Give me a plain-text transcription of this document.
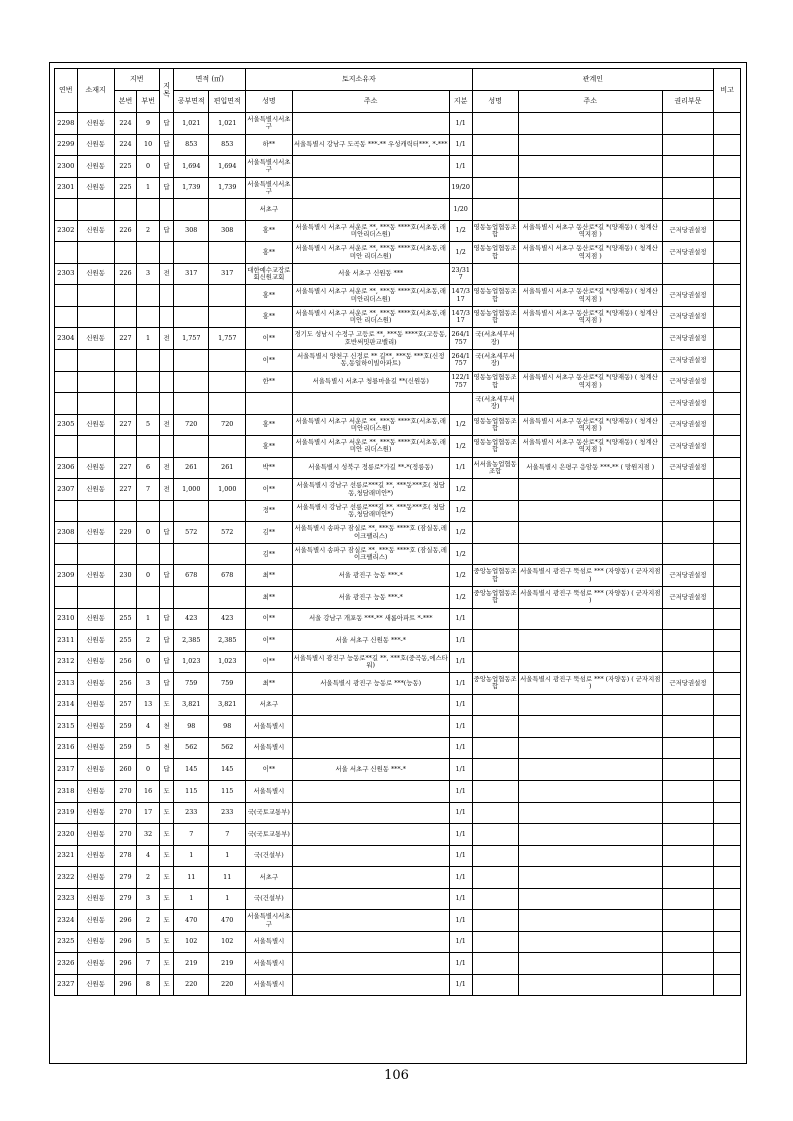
연번	소재지	지번		지목	면적 (㎡)		토지소유자			관계인			비고
		본번	부번		공부면적	편입면적	성명	주소	지분	성명	주소	권리부문	
2298	신원동	224	9	답	1,021	1,021	서울특별시서초구		1/1				
2299	신원동	224	10	답	853	853	하**	서울특별시 강남구 도곡동 ***-** 우성캐릭터***, *-***	1/1				
2300	신원동	225	0	답	1,694	1,694	서울특별시서초구		1/1				
2301	신원동	225	1	답	1,739	1,739	서울특별시서초구		19/20				
							서초구		1/20				
2302	신원동	226	2	답	308	308	홍**	서울특별시 서초구 서운로 **, ***동 ****호(서초동,래미안리더스원)	1/2	영동농업협동조합	서울특별시 서초구 동산로*길 *(양재동) ( 청계산역지점 )	근저당권설정	
							홍**	서울특별시 서초구 서운로 **, ***동 ****호(서초동,래미안 리더스원)	1/2	영동농업협동조합	서울특별시 서초구 동산로*길 *(양재동) ( 청계산역지점 )	근저당권설정	
2303	신원동	226	3	전	317	317	대한예수교장로회신원교회	서울 서초구 신원동 ***	23/317				
							홍**	서울특별시 서초구 서운로 **, ***동 ****호(서초동,래미안리더스원)	147/317	영동농업협동조합	서울특별시 서초구 동산로*길 *(양재동) ( 청계산역지점 )	근저당권설정	
							홍**	서울특별시 서초구 서운로 **, ***동 ****호(서초동,래미안 리더스원)	147/317	영동농업협동조합	서울특별시 서초구 동산로*길 *(양재동) ( 청계산역지점 )	근저당권설정	
2304	신원동	227	1	전	1,757	1,757	이**	경기도 성남시 수정구 고등로 **, ***동 ****호(고등동,호반써밋판교밸리)	264/1757	국(서초세무서장)		근저당권설정	
							이**	서울특별시 양천구 신정로 ** 길**, ***동 ***호(신정동,동일하이빌아파트)	264/1757	국(서초세무서장)		근저당권설정	
							한**	서울특별시 서초구 청룡마을길 **(신원동)	122/1757	영동농업협동조합	서울특별시 서초구 동산로*길 *(양재동) ( 청계산역지점 )	근저당권설정	
										국(서초세무서장)		근저당권설정	
2305	신원동	227	5	전	720	720	홍**	서울특별시 서초구 서운로 **, ***동 ****호(서초동,래미안리더스원)	1/2	영동농업협동조합	서울특별시 서초구 동산로*길 *(양재동) ( 청계산역지점 )	근저당권설정	
							홍**	서울특별시 서초구 서운로 **, ***동 ****호(서초동,래미안 리더스원)	1/2	영동농업협동조합	서울특별시 서초구 동산로*길 *(양재동) ( 청계산역지점 )	근저당권설정	
2306	신원동	227	6	전	261	261	박**	서울특별시 성북구 정릉로*가길 **-*(정릉동)	1/1	서서울농업협동조합	서울특별시 은평구 응암동 ***-** ( 망원지점 )	근저당권설정	
2307	신원동	227	7	전	1,000	1,000	이**	서울특별시 강남구 선릉로***길 **, ***동***호( 청담동,청담래미안*)	1/2				
							정**	서울특별시 강남구 선릉로***길 **, ***동***호( 청담동,청담래미안*)	1/2				
2308	신원동	229	0	답	572	572	김**	서울특별시 송파구 잠실로 **, ***동 ****호 (잠실동,레이크팰리스)	1/2				
							김**	서울특별시 송파구 잠실로 **, ***동 ****호 (잠실동,레이크팰리스)	1/2				
2309	신원동	230	0	답	678	678	최**	서울 광진구 능동 ***-*	1/2	중앙농업협동조합	서울특별시 광진구 뚝섬로 *** (자양동) ( 군자지점 )	근저당권설정	
							최**	서울 광진구 능동 ***-*	1/2	중앙농업협동조합	서울특별시 광진구 뚝섬로 *** (자양동) ( 군자지점 )	근저당권설정	
2310	신원동	255	1	답	423	423	이**	서울 강남구 개포동 ***-** 새롬아파트 *-***	1/1				
2311	신원동	255	2	답	2,385	2,385	이**	서울 서초구 신원동 ***-*	1/1				
2312	신원동	256	0	답	1,023	1,023	이**	서울특별시 광진구 능동로**길 **, ***호(중곡동,에스타워)	1/1				
2313	신원동	256	3	답	759	759	최**	서울특별시 광진구 능동로 ***(능동)	1/1	중앙농업협동조합	서울특별시 광진구 뚝섬로 *** (자양동) ( 군자지점 )	근저당권설정	
2314	신원동	257	13	도	3,821	3,821	서초구		1/1				
2315	신원동	259	4	천	98	98	서울특별시		1/1				
2316	신원동	259	5	천	562	562	서울특별시		1/1				
2317	신원동	260	0	답	145	145	이**	서울 서초구 신원동 ***-*	1/1				
2318	신원동	270	16	도	115	115	서울특별시		1/1				
2319	신원동	270	17	도	233	233	국(국토교통부)		1/1				
2320	신원동	270	32	도	7	7	국(국토교통부)		1/1				
2321	신원동	278	4	도	1	1	국(건설부)		1/1				
2322	신원동	279	2	도	11	11	서초구		1/1				
2323	신원동	279	3	도	1	1	국(건설부)		1/1				
2324	신원동	296	2	도	470	470	서울특별시서초구		1/1				
2325	신원동	296	5	도	102	102	서울특별시		1/1				
2326	신원동	296	7	도	219	219	서울특별시		1/1				
2327	신원동	296	8	도	220	220	서울특별시		1/1				
106
